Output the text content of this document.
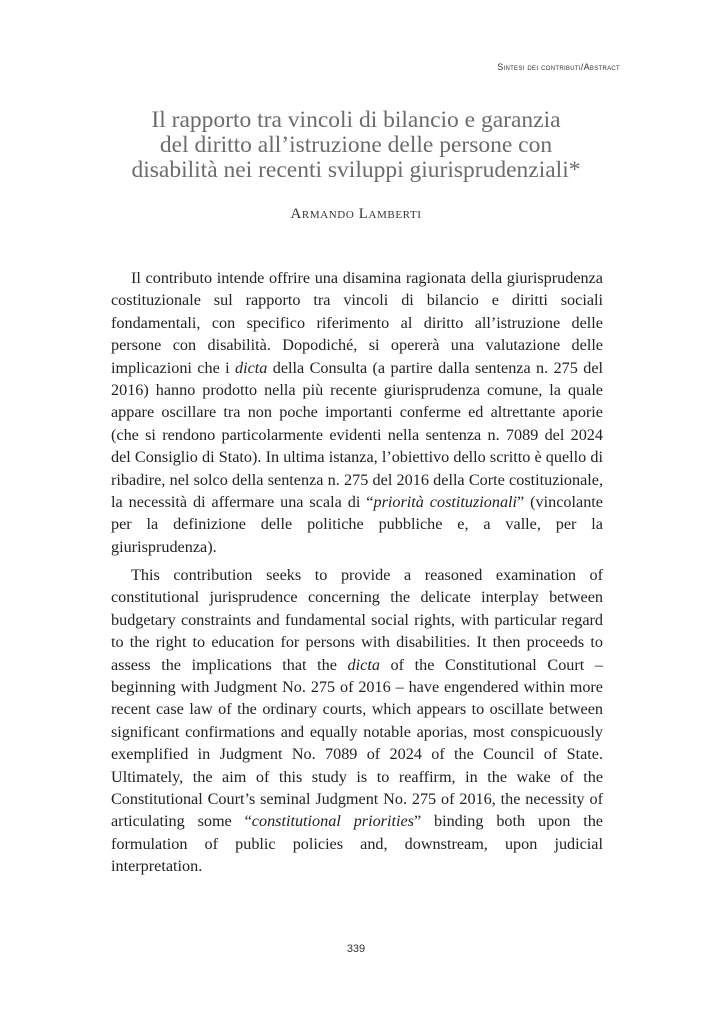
Sintesi dei contributi/Abstract
Il rapporto tra vincoli di bilancio e garanzia
del diritto all’istruzione delle persone con
disabilità nei recenti sviluppi giurisprudenziali*
Armando Lamberti

Il contributo intende offrire una disamina ragionata della giurisprudenza costituzionale sul rapporto tra vincoli di bilancio e diritti sociali fondamentali, con specifico riferimento al diritto all’istruzione delle persone con disabilità. Dopodiché, si opererà una valutazione delle implicazioni che i dicta della Consulta (a partire dalla sentenza n. 275 del 2016) hanno prodotto nella più recente giurisprudenza comune, la quale appare oscillare tra non poche importanti conferme ed altrettante aporie (che si rendono particolarmente evidenti nella sentenza n. 7089 del 2024 del Consiglio di Stato). In ultima istanza, l’obiettivo dello scritto è quello di ribadire, nel solco della sentenza n. 275 del 2016 della Corte costituzionale, la necessità di affermare una scala di “priorità costituzionali” (vincolante per la definizione delle politiche pubbliche e, a valle, per la giurisprudenza).

This contribution seeks to provide a reasoned examination of constitutional jurisprudence concerning the delicate interplay between budgetary constraints and fundamental social rights, with particular regard to the right to education for persons with disabilities. It then proceeds to assess the implications that the dicta of the Constitutional Court – beginning with Judgment No. 275 of 2016 – have engendered within more recent case law of the ordinary courts, which appears to oscillate between significant confirmations and equally notable aporias, most conspicuously exemplified in Judgment No. 7089 of 2024 of the Council of State. Ultimately, the aim of this study is to reaffirm, in the wake of the Constitutional Court’s seminal Judgment No. 275 of 2016, the necessity of articulating some “constitutional priorities” binding both upon the formulation of public policies and, downstream, upon judicial interpretation.

339
